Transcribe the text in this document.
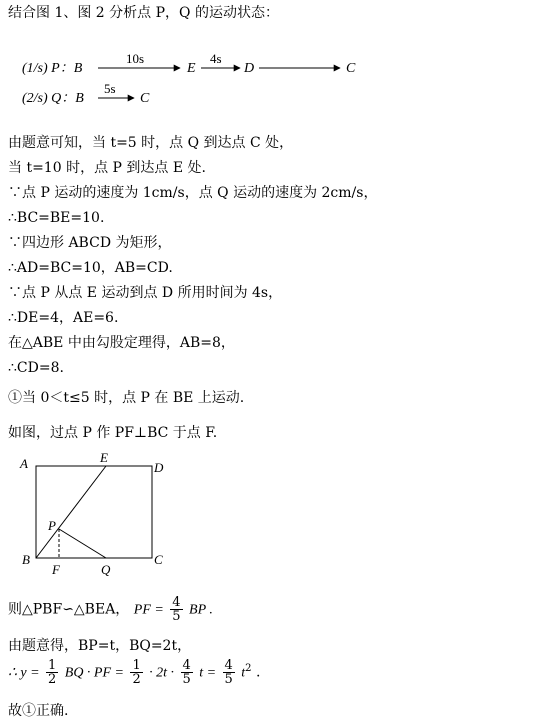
结合图 1、图 2 分析点 P，Q 的运动状态：
(1/s) P：B
10s
E
4s
D	C
(2/s) Q：B
5s
C
由题意可知，当 t=5 时，点 Q 到达点 C 处，
当 t=10 时，点 P 到达点 E 处.
∵点 P 运动的速度为 1cm/s，点 Q 运动的速度为 2cm/s，
∴BC=BE=10.
∵四边形 ABCD 为矩形，
∴AD=BC=10，AB=CD.
∵点 P 从点 E 运动到点 D 所用时间为 4s，
∴DE=4，AE=6.
在△ABE 中由勾股定理得，AB=8，
∴CD=8.
①当 0＜t≤5 时，点 P 在 BE 上运动.
如图，过点 P 作 PF⊥BC 于点 F.
A	E
D
P
B	C
F	Q
则△PBF∽△BEA， PF = $\frac{4}{5}$ BP .
由题意得，BP=t，BQ=2t，
∴ $y = \frac{1}{2}$ BQ · PF = $\frac{1}{2} \cdot 2t \cdot \frac{4}{5}$ $t = \frac{4}{5} t^2$ .
故①正确.
